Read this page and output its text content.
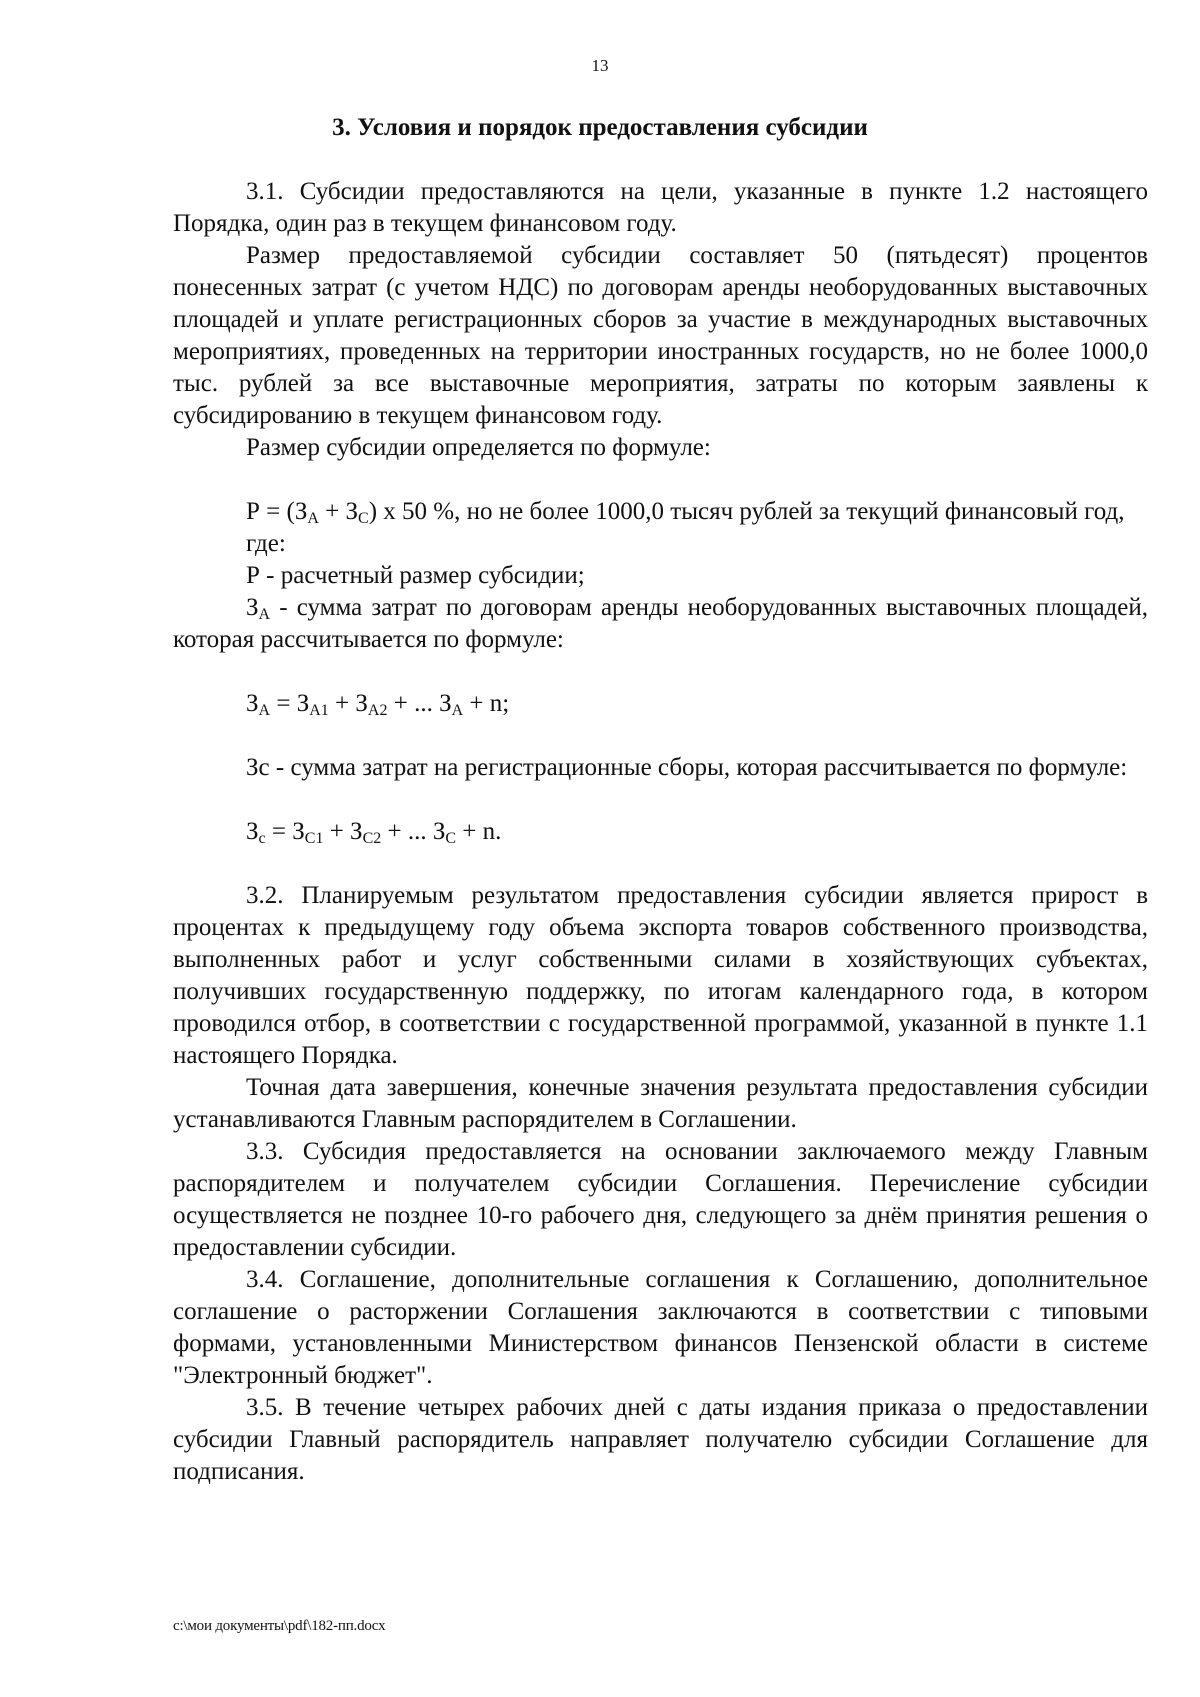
13
3. Условия и порядок предоставления субсидии

3.1. Субсидии предоставляются на цели, указанные в пункте 1.2 настоящего Порядка, один раз в текущем финансовом году.

Размер предоставляемой субсидии составляет 50 (пятьдесят) процентов понесенных затрат (с учетом НДС) по договорам аренды необорудованных выставочных площадей и уплате регистрационных сборов за участие в международных выставочных мероприятиях, проведенных на территории иностранных государств, но не более 1000,0 тыс. рублей за все выставочные мероприятия, затраты по которым заявлены к субсидированию в текущем финансовом году.

Размер субсидии определяется по формуле:

$Р = (З_А + З_С)$ х 50 %, но не более 1000,0 тысяч рублей за текущий финансовый год,

где:

Р - расчетный размер субсидии;

$З_А$ - сумма затрат по договорам аренды необорудованных выставочных площадей, которая рассчитывается по формуле:

$З_А = З_{А1} + З_{А2}$ + ... $З_А + n$;

Зс - сумма затрат на регистрационные сборы, которая рассчитывается по формуле:

$З_с = З_{С1} + З_{С2}$ + ... $З_С + n$.

3.2. Планируемым результатом предоставления субсидии является прирост в процентах к предыдущему году объема экспорта товаров собственного производства, выполненных работ и услуг собственными силами в хозяйствующих субъектах, получивших государственную поддержку, по итогам календарного года, в котором проводился отбор, в соответствии с государственной программой, указанной в пункте 1.1 настоящего Порядка.

Точная дата завершения, конечные значения результата предоставления субсидии устанавливаются Главным распорядителем в Соглашении.

3.3. Субсидия предоставляется на основании заключаемого между Главным распорядителем и получателем субсидии Соглашения. Перечисление субсидии осуществляется не позднее 10-го рабочего дня, следующего за днём принятия решения о предоставлении субсидии.

3.4. Соглашение, дополнительные соглашения к Соглашению, дополнительное соглашение о расторжении Соглашения заключаются в соответствии с типовыми формами, установленными Министерством финансов Пензенской области в системе "Электронный бюджет".

3.5. В течение четырех рабочих дней с даты издания приказа о предоставлении субсидии Главный распорядитель направляет получателю субсидии Соглашение для подписания.

c:\мои документы\pdf\182-пп.docx
